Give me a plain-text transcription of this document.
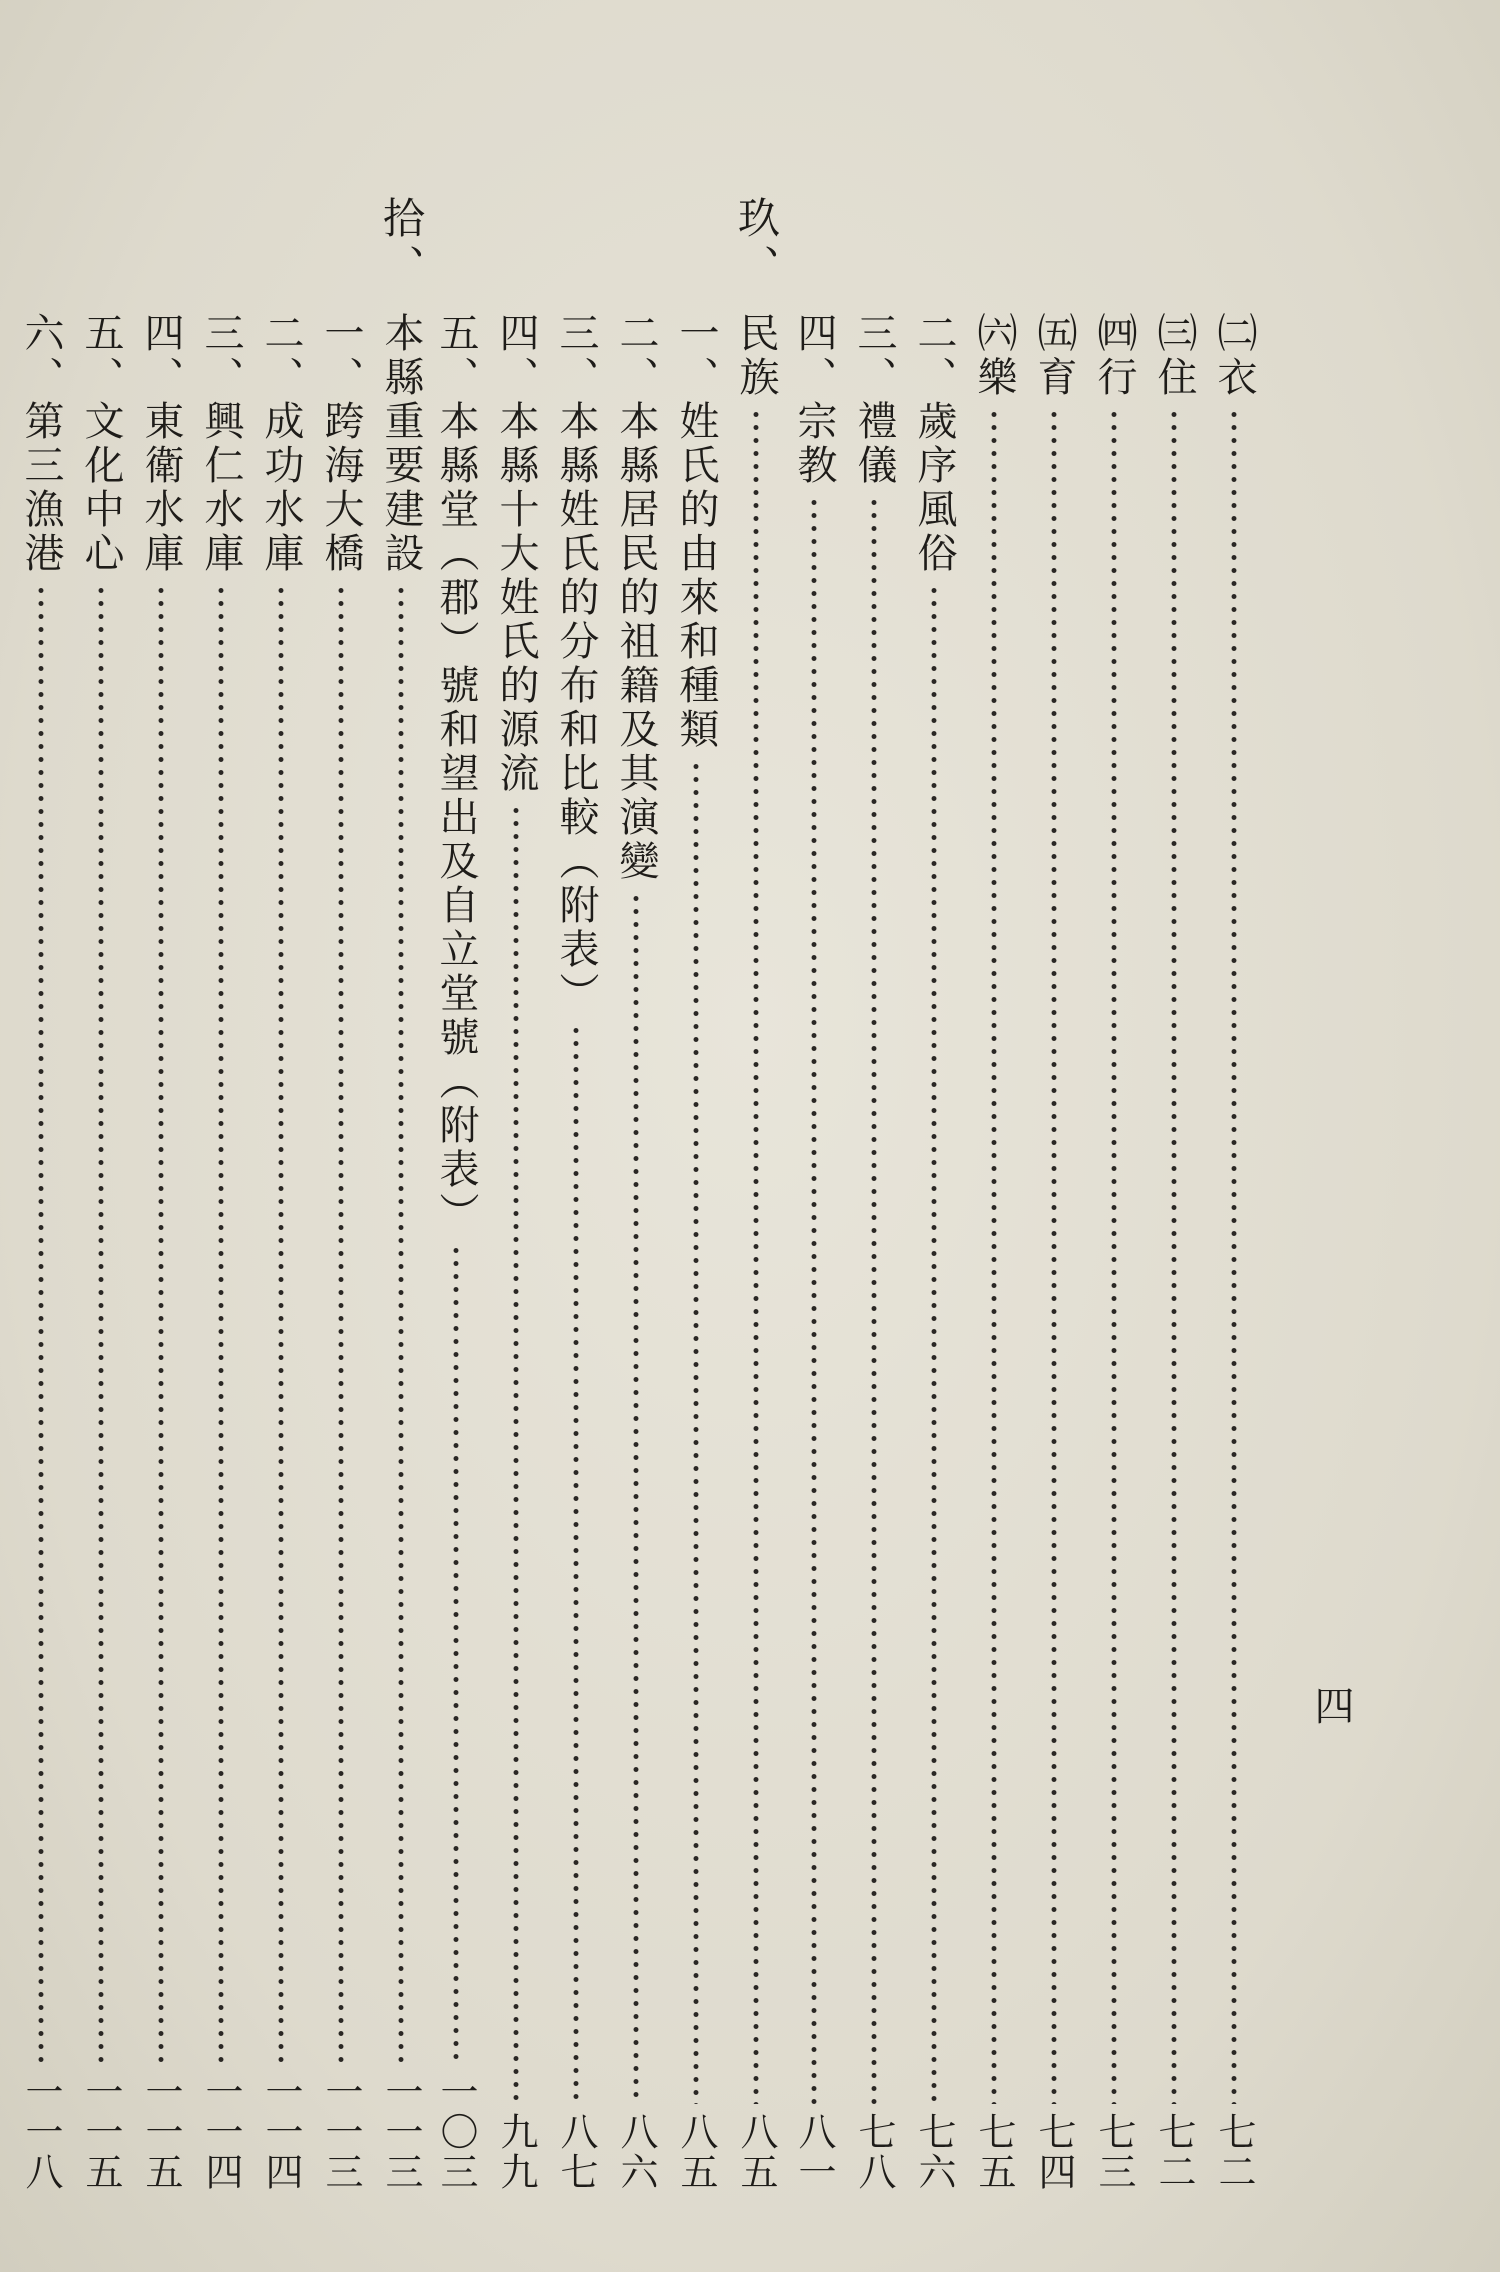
㈡衣
七二
㈢住
七二
㈣行
七三
㈤育
七四
㈥樂
七五
二、歲序風俗
七六
三、禮儀
七八
四、宗教
八一
玖、
民族
八五
一、姓氏的由來和種類
八五
二、本縣居民的祖籍及其演變
八六
三、本縣姓氏的分布和比較︵附表︶
八七
四、本縣十大姓氏的源流
九九
五、本縣堂︵郡︶號和望出及自立堂號︵附表︶
一〇三
拾、
本縣重要建設
一一三
一、跨海大橋
一一三
二、成功水庫
一一四
三、興仁水庫
一一四
四、東衛水庫
一一五
五、文化中心
一一五
六、第三漁港
一一八
四
